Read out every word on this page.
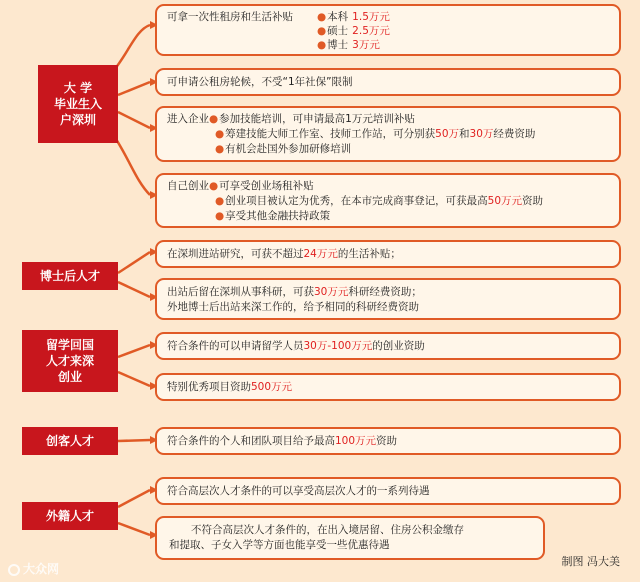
大 学
毕业生入
户深圳
博士后人才
留学回国
人才来深
创业
创客人才
外籍人才
可拿一次性租房和生活补贴	●本科 1.5万元
●硕士 2.5万元
●博士 3万元
可申请公租房轮候，不受“1年社保”限制
进入企业●参加技能培训，可申请最高1万元培训补贴
●筹建技能大师工作室、技师工作站，可分别获50万和30万经费资助
●有机会赴国外参加研修培训
自己创业●可享受创业场租补贴
●创业项目被认定为优秀，在本市完成商事登记，可获最高50万元资助
●享受其他金融扶持政策
在深圳进站研究，可获不超过24万元的生活补贴；
出站后留在深圳从事科研，可获30万元科研经费资助；
外地博士后出站来深工作的，给予相同的科研经费资助
符合条件的可以申请留学人员30万-100万元的创业资助
特别优秀项目资助500万元
符合条件的个人和团队项目给予最高100万元资助
符合高层次人才条件的可以享受高层次人才的一系列待遇
不符合高层次人才条件的，在出入境居留、住房公积金缴存
和提取、子女入学等方面也能享受一些优惠待遇
制图 冯大美
大众网
